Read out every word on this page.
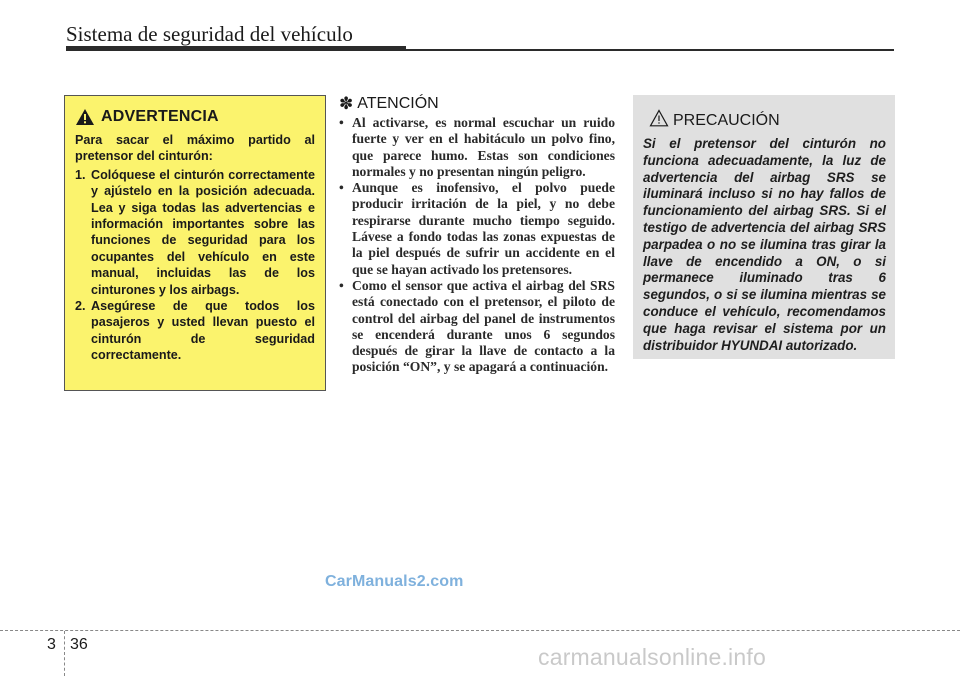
Sistema de seguridad del vehículo
ADVERTENCIA
Para sacar el máximo partido al pretensor del cinturón:
1. Colóquese el cinturón correctamente y ajústelo en la posición adecuada. Lea y siga todas las advertencias e información importantes sobre las funciones de seguridad para los ocupantes del vehículo en este manual, incluidas las de los cinturones y los airbags.
2. Asegúrese de que todos los pasajeros y usted llevan puesto el cinturón de seguridad correctamente.
✽ ATENCIÓN
• Al activarse, es normal escuchar un ruido fuerte y ver en el habitáculo un polvo fino, que parece humo. Estas son condiciones normales y no presentan ningún peligro.
• Aunque es inofensivo, el polvo puede producir irritación de la piel, y no debe respirarse durante mucho tiempo seguido. Lávese a fondo todas las zonas expuestas de la piel después de sufrir un accidente en el que se hayan activado los pretensores.
• Como el sensor que activa el airbag del SRS está conectado con el pretensor, el piloto de control del airbag del panel de instrumentos se encenderá durante unos 6 segundos después de girar la llave de contacto a la posición “ON”, y se apagará a continuación.
PRECAUCIÓN
Si el pretensor del cinturón no funciona adecuadamente, la luz de advertencia del airbag SRS se iluminará incluso si no hay fallos de funcionamiento del airbag SRS. Si el testigo de advertencia del airbag SRS parpadea o no se ilumina tras girar la llave de encendido a ON, o si permanece iluminado tras 6 segundos, o si se ilumina mientras se conduce el vehículo, recomendamos que haga revisar el sistema por un distribuidor HYUNDAI autorizado.
CarManuals2.com
3 36	carmanualsonline.info
